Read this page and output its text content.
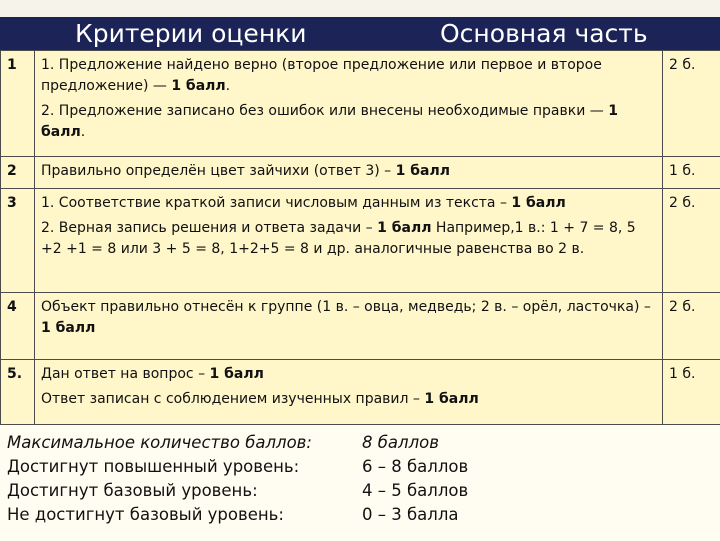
Критерии оценки	Основная часть
1	1. Предложение найдено верно (второе предложение или первое и второе предложение) — 1 балл.
2. Предложение записано без ошибок или внесены необходимые правки — 1 балл.	2 б.
2	Правильно определён цвет зайчихи (ответ 3) – 1 балл	1 б.
3	1. Соответствие краткой записи числовым данным из текста – 1 балл
2. Верная запись решения и ответа задачи – 1 балл Например,1 в.: 1 + 7 = 8, 5 +2 +1 = 8 или 3 + 5 = 8, 1+2+5 = 8 и др. аналогичные равенства во 2 в.	2 б.
4	Объект правильно отнесён к группе (1 в. – овца, медведь; 2 в. – орёл, ласточка) – 1 балл	2 б.
5.	Дан ответ на вопрос – 1 балл
Ответ записан с соблюдением изученных правил – 1 балл	1 б.
Максимальное количество баллов:	8 баллов
Достигнут повышенный уровень:	6 – 8 баллов
Достигнут базовый уровень:	4 – 5 баллов
Не достигнут базовый уровень:	0 – 3 балла
